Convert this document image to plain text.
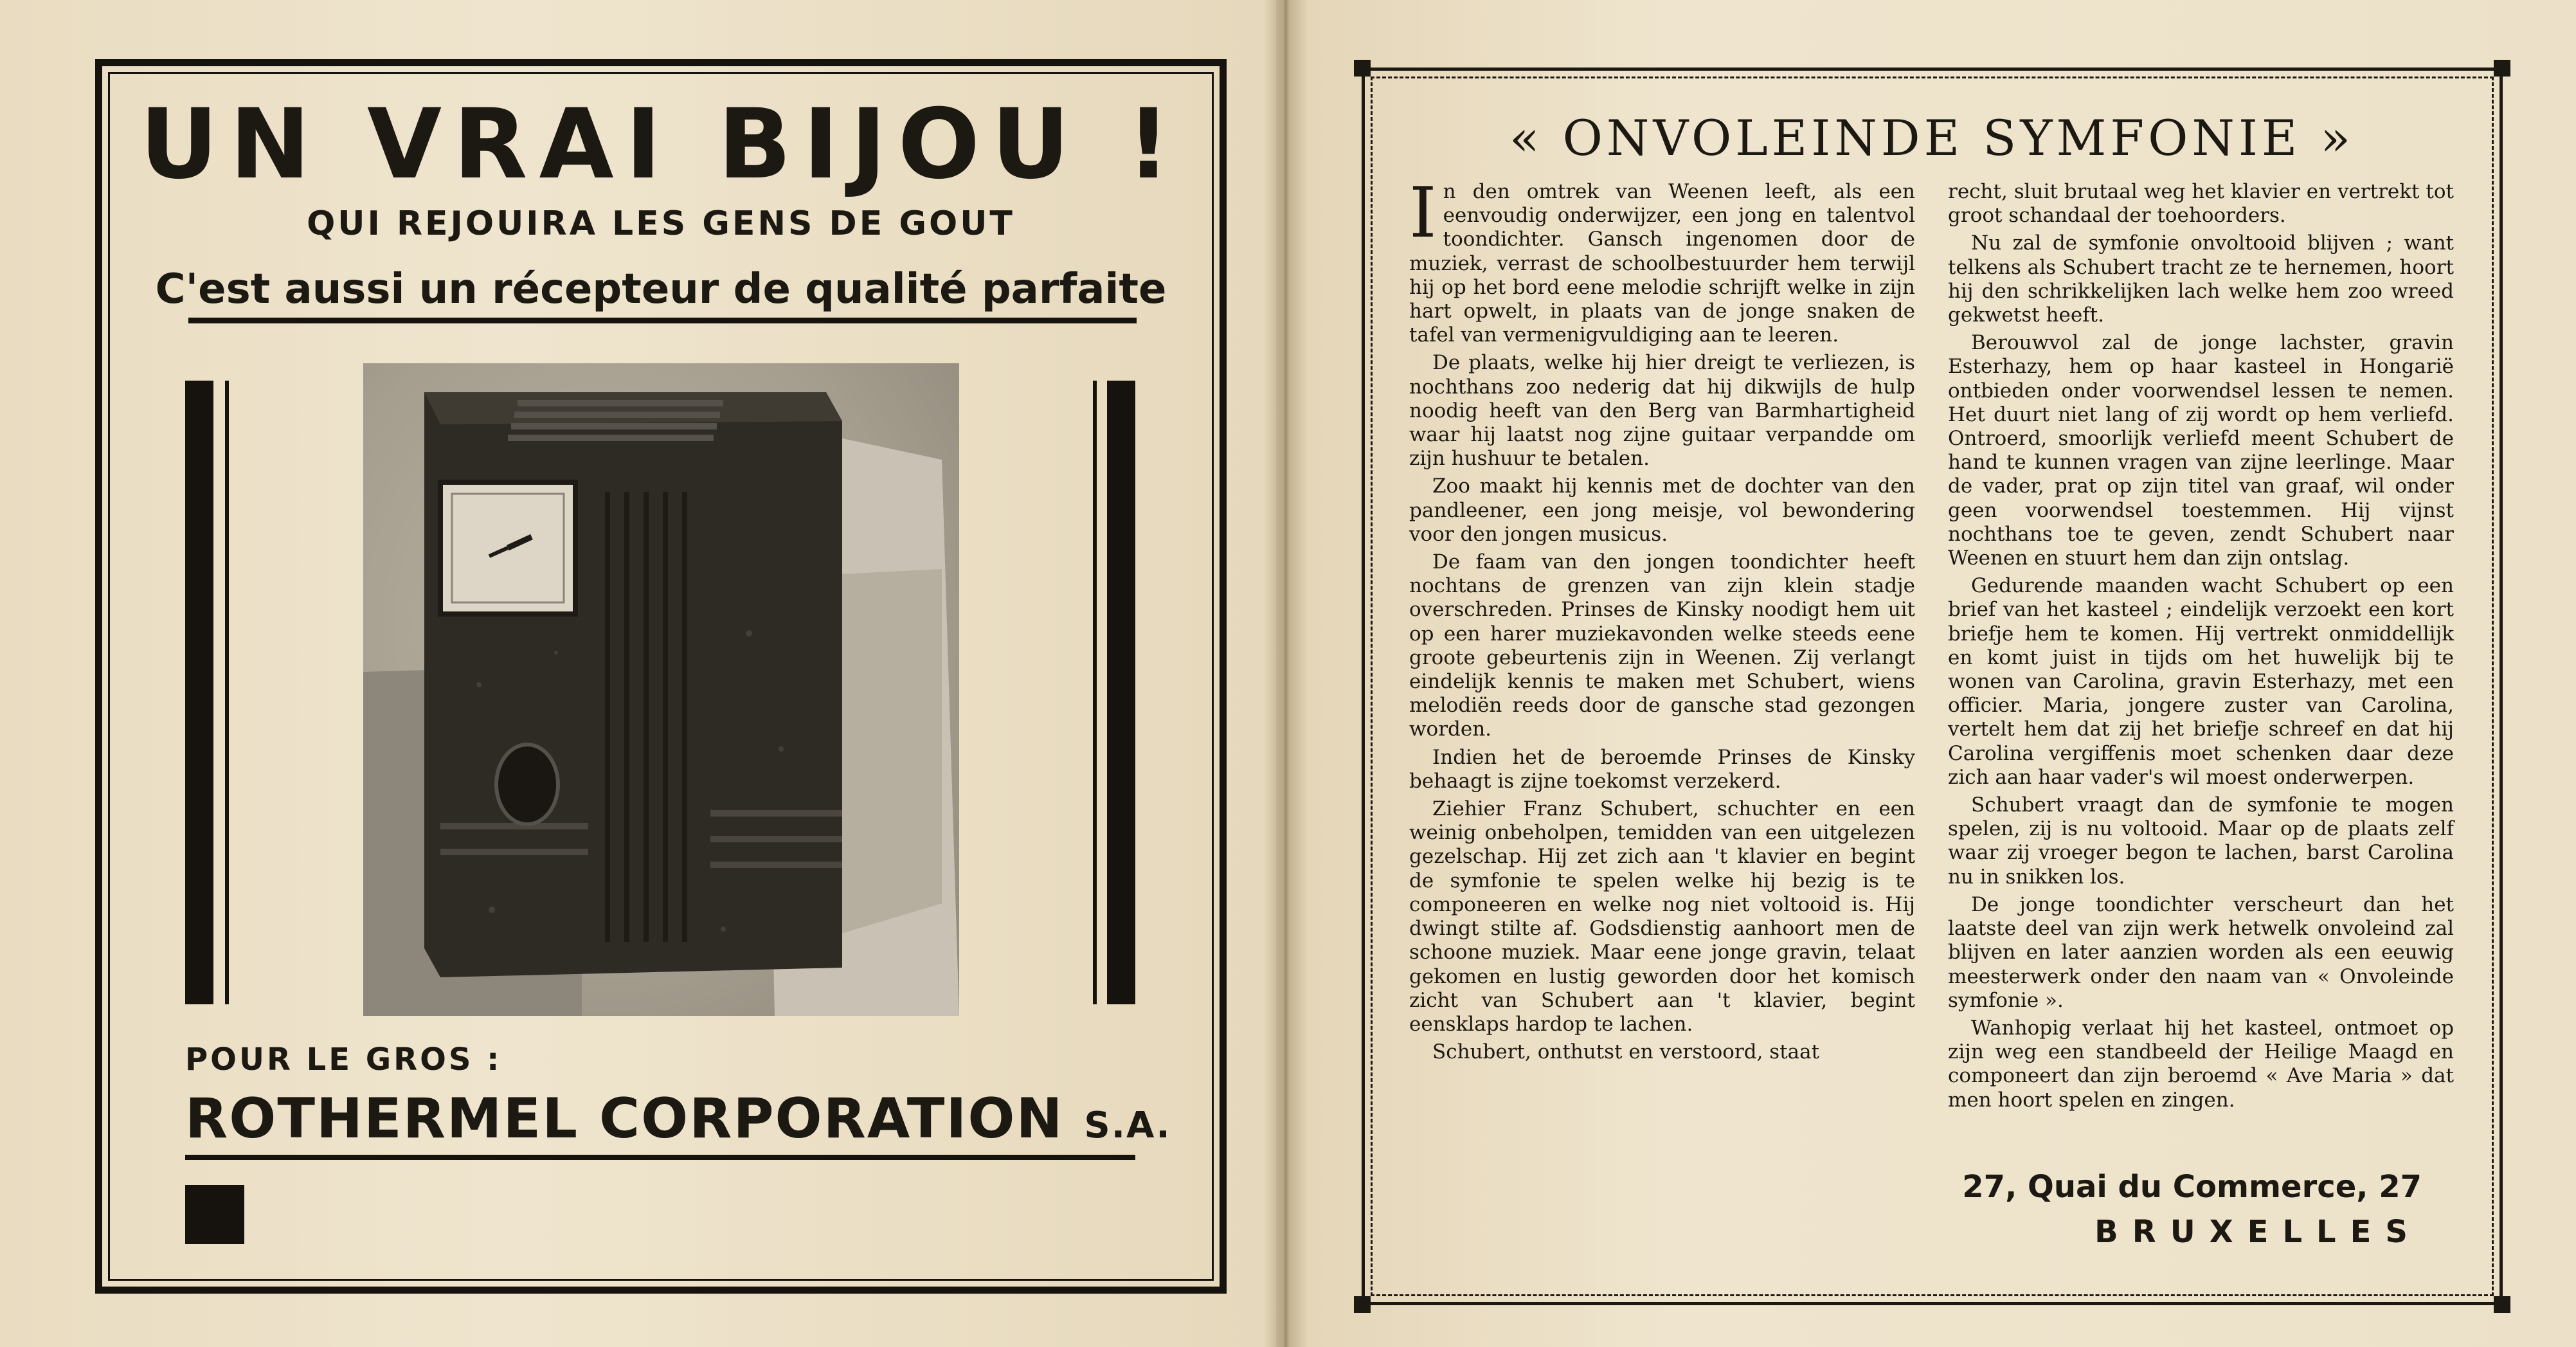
UN VRAI BIJOU !
QUI REJOUIRA LES GENS DE GOUT
C'est aussi un récepteur de qualité parfaite
POUR LE GROS :
ROTHERMEL CORPORATION S.A.
27, Quai du Commerce, 27
BRUXELLES
« ONVOLEINDE SYMFONIE »

In den omtrek van Weenen leeft, als een eenvoudig onderwijzer, een jong en talentvol toondichter. Gansch ingenomen door de muziek, verrast de schoolbestuurder hem terwijl hij op het bord eene melodie schrijft welke in zijn hart opwelt, in plaats van de jonge snaken de tafel van vermenigvuldiging aan te leeren.

De plaats, welke hij hier dreigt te verliezen, is nochthans zoo nederig dat hij dikwijls de hulp noodig heeft van den Berg van Barmhartigheid waar hij laatst nog zijne guitaar verpandde om zijn hushuur te betalen.

Zoo maakt hij kennis met de dochter van den pandleener, een jong meisje, vol bewondering voor den jongen musicus.

De faam van den jongen toondichter heeft nochtans de grenzen van zijn klein stadje overschreden. Prinses de Kinsky noodigt hem uit op een harer muziekavonden welke steeds eene groote gebeurtenis zijn in Weenen. Zij verlangt eindelijk kennis te maken met Schubert, wiens melodiën reeds door de gansche stad gezongen worden.

Indien het de beroemde Prinses de Kinsky behaagt is zijne toekomst verzekerd.

Ziehier Franz Schubert, schuchter en een weinig onbeholpen, temidden van een uitgelezen gezelschap. Hij zet zich aan 't klavier en begint de symfonie te spelen welke hij bezig is te componeeren en welke nog niet voltooid is. Hij dwingt stilte af. Godsdienstig aanhoort men de schoone muziek. Maar eene jonge gravin, telaat gekomen en lustig geworden door het komisch zicht van Schubert aan 't klavier, begint eensklaps hardop te lachen.

Schubert, onthutst en verstoord, staat

recht, sluit brutaal weg het klavier en vertrekt tot groot schandaal der toehoorders.

Nu zal de symfonie onvoltooid blijven ; want telkens als Schubert tracht ze te hernemen, hoort hij den schrikkelijken lach welke hem zoo wreed gekwetst heeft.

Berouwvol zal de jonge lachster, gravin Esterhazy, hem op haar kasteel in Hongarië ontbieden onder voorwendsel lessen te nemen. Het duurt niet lang of zij wordt op hem verliefd. Ontroerd, smoorlijk verliefd meent Schubert de hand te kunnen vragen van zijne leerlinge. Maar de vader, prat op zijn titel van graaf, wil onder geen voorwendsel toestemmen. Hij vijnst nochthans toe te geven, zendt Schubert naar Weenen en stuurt hem dan zijn ontslag.

Gedurende maanden wacht Schubert op een brief van het kasteel ; eindelijk verzoekt een kort briefje hem te komen. Hij vertrekt onmiddellijk en komt juist in tijds om het huwelijk bij te wonen van Carolina, gravin Esterhazy, met een officier. Maria, jongere zuster van Carolina, vertelt hem dat zij het briefje schreef en dat hij Carolina vergiffenis moet schenken daar deze zich aan haar vader's wil moest onderwerpen.

Schubert vraagt dan de symfonie te mogen spelen, zij is nu voltooid. Maar op de plaats zelf waar zij vroeger begon te lachen, barst Carolina nu in snikken los.

De jonge toondichter verscheurt dan het laatste deel van zijn werk hetwelk onvoleind zal blijven en later aanzien worden als een eeuwig meesterwerk onder den naam van « Onvoleinde symfonie ».

Wanhopig verlaat hij het kasteel, ontmoet op zijn weg een standbeeld der Heilige Maagd en componeert dan zijn beroemd « Ave Maria » dat men hoort spelen en zingen.
